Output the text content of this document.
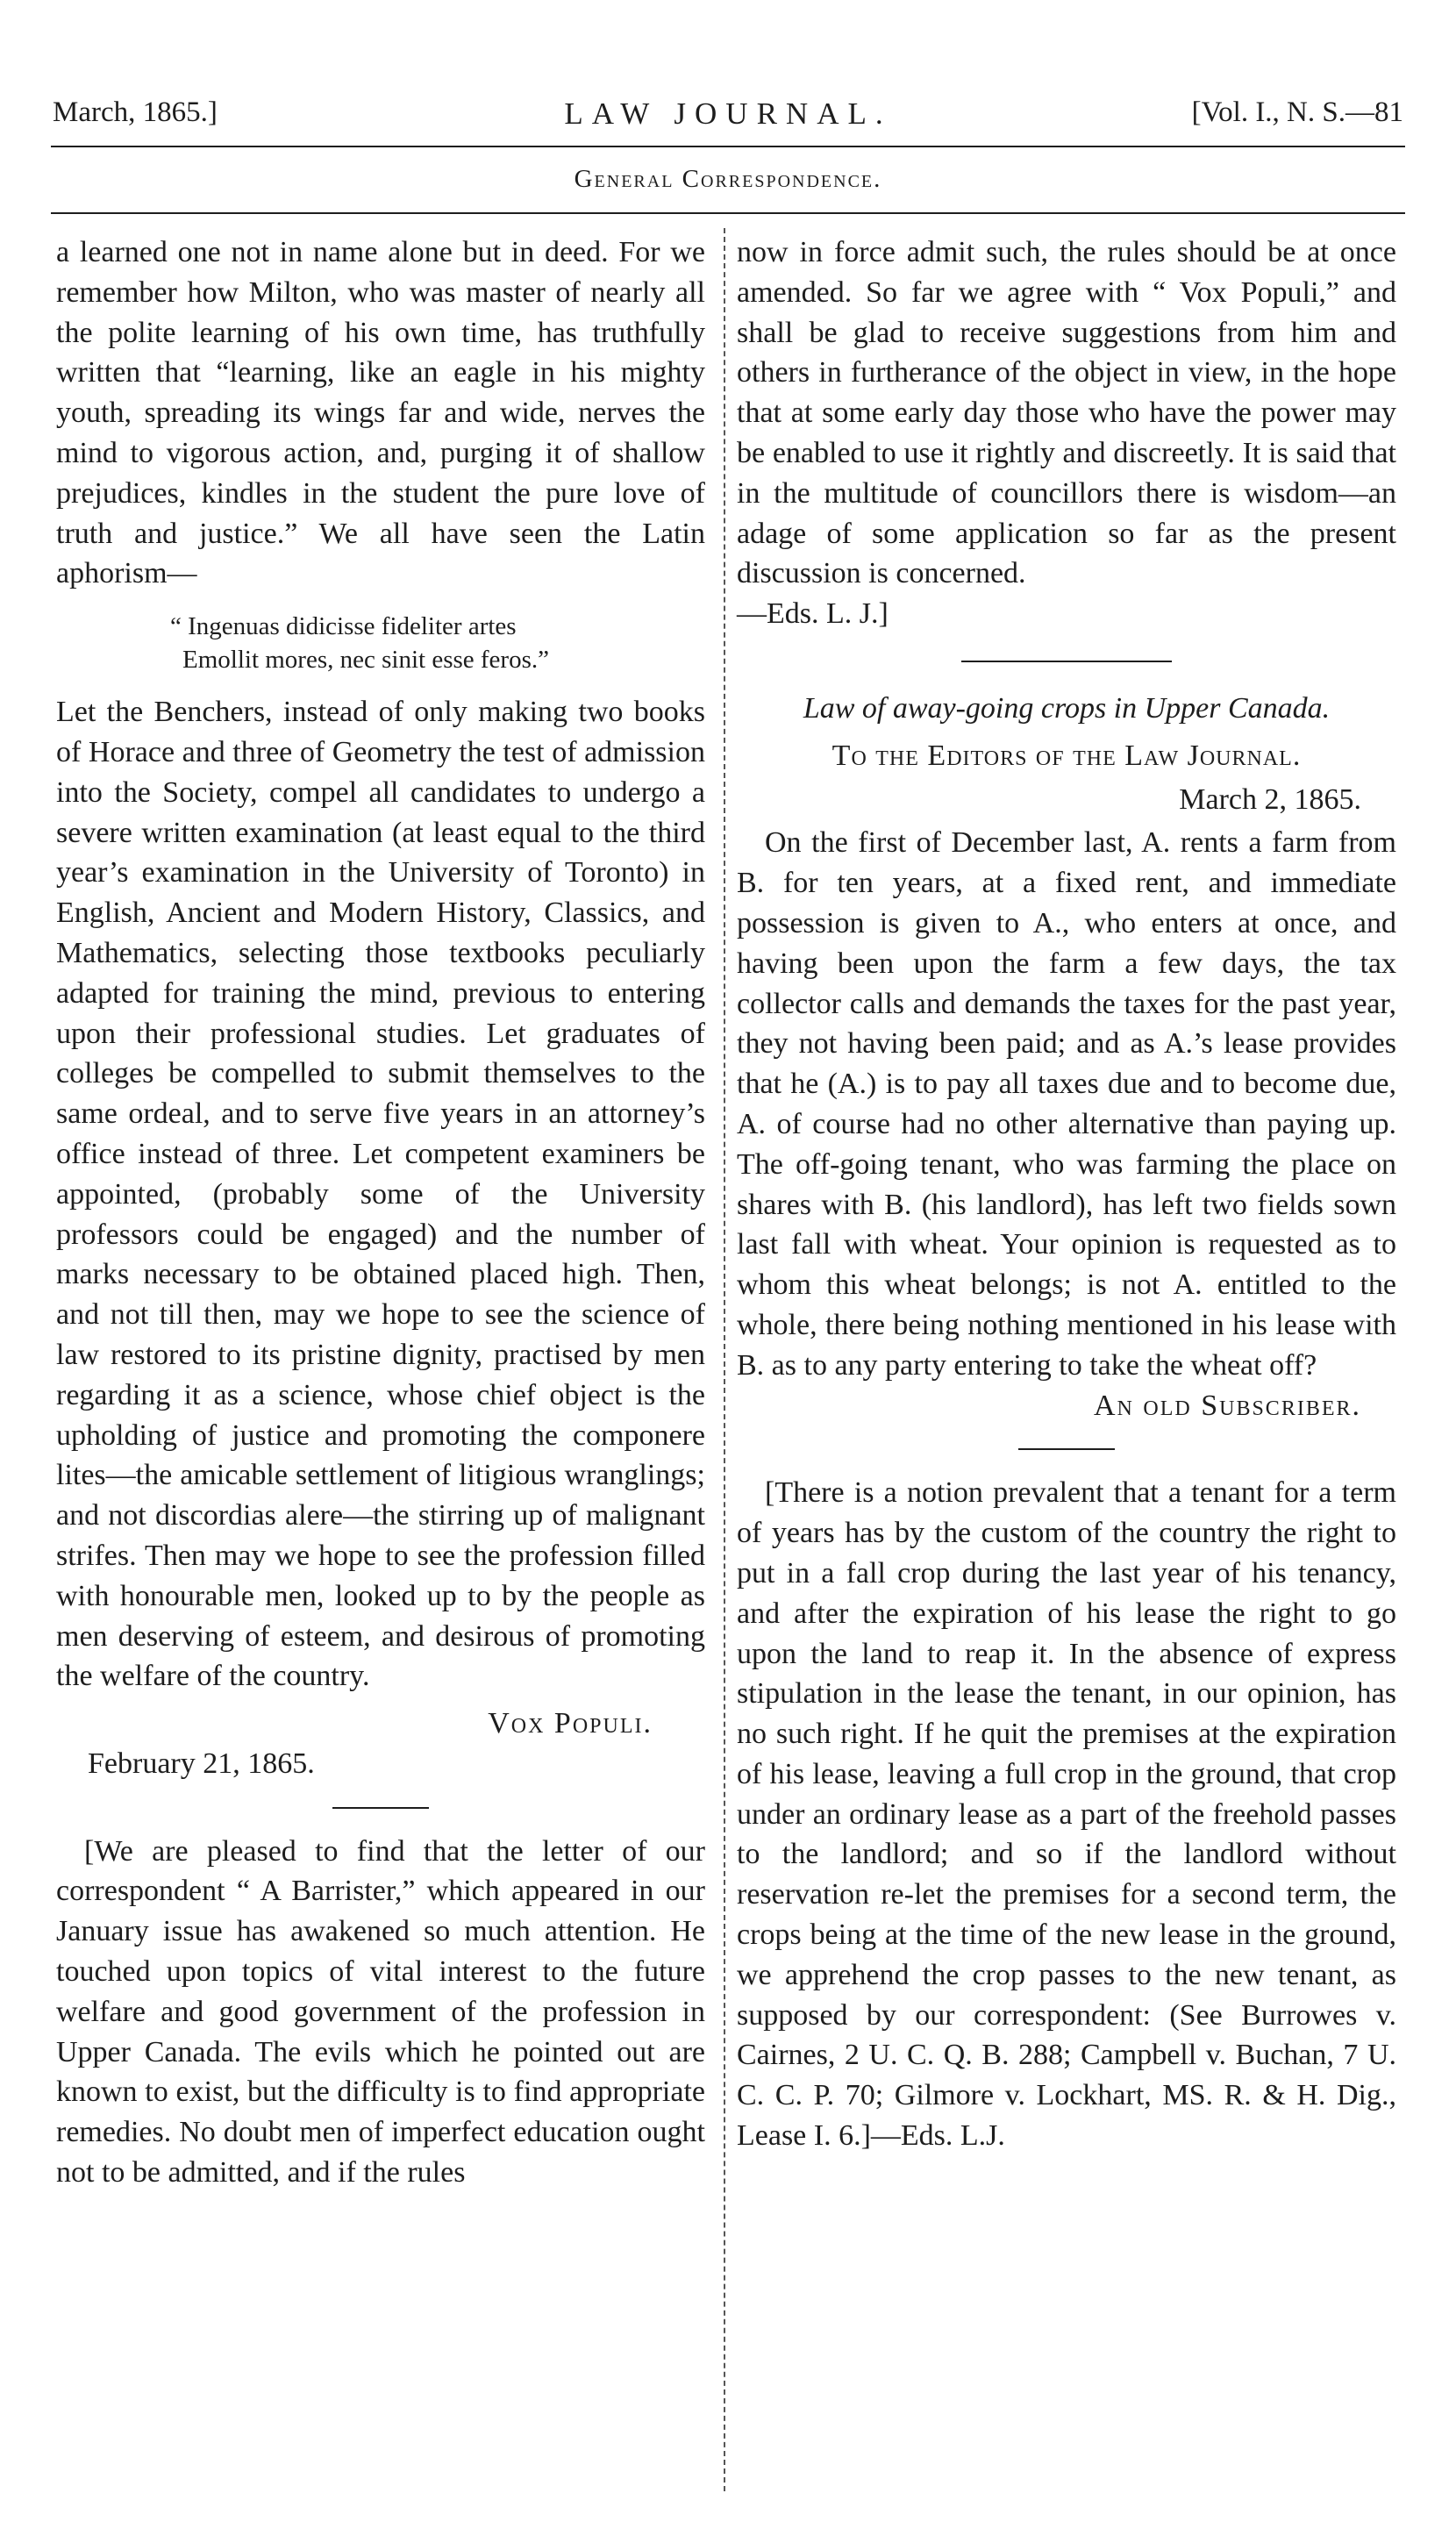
March, 1865.]	LAW JOURNAL.	[Vol. I., N. S.—81
General Correspondence.

a learned one not in name alone but in deed. For we remember how Milton, who was master of nearly all the polite learning of his own time, has truthfully written that “learning, like an eagle in his mighty youth, spreading its wings far and wide, nerves the mind to vigorous action, and, purging it of shallow prejudices, kindles in the student the pure love of truth and justice.” We all have seen the Latin aphorism—

“ Ingenuas didicisse fideliter artes
Emollit mores, nec sinit esse feros.”

Let the Benchers, instead of only making two books of Horace and three of Geometry the test of admission into the Society, compel all candidates to undergo a severe written examination (at least equal to the third year’s examination in the University of Toronto) in English, Ancient and Modern History, Classics, and Mathematics, selecting those textbooks peculiarly adapted for training the mind, previous to entering upon their professional studies. Let graduates of colleges be compelled to submit themselves to the same ordeal, and to serve five years in an attorney’s office instead of three. Let competent examiners be appointed, (probably some of the University professors could be engaged) and the number of marks necessary to be obtained placed high. Then, and not till then, may we hope to see the science of law restored to its pristine dignity, practised by men regarding it as a science, whose chief object is the upholding of justice and promoting the componere lites—the amicable settlement of litigious wranglings; and not discordias alere—the stirring up of malignant strifes. Then may we hope to see the profession filled with honourable men, looked up to by the people as men deserving of esteem, and desirous of promoting the welfare of the country.

Vox Populi.
February 21, 1865.

[We are pleased to find that the letter of our correspondent “ A Barrister,” which appeared in our January issue has awakened so much attention. He touched upon topics of vital interest to the future welfare and good government of the profession in Upper Canada. The evils which he pointed out are known to exist, but the difficulty is to find appropriate remedies. No doubt men of imperfect education ought not to be admitted, and if the rules

now in force admit such, the rules should be at once amended. So far we agree with “ Vox Populi,” and shall be glad to receive suggestions from him and others in furtherance of the object in view, in the hope that at some early day those who have the power may be enabled to use it rightly and discreetly. It is said that in the multitude of councillors there is wisdom—an adage of some application so far as the present discussion is concerned.

—Eds. L. J.]
Law of away-going crops in Upper Canada.
To the Editors of the Law Journal.
March 2, 1865.

On the first of December last, A. rents a farm from B. for ten years, at a fixed rent, and immediate possession is given to A., who enters at once, and having been upon the farm a few days, the tax collector calls and demands the taxes for the past year, they not having been paid; and as A.’s lease provides that he (A.) is to pay all taxes due and to become due, A. of course had no other alternative than paying up. The off-going tenant, who was farming the place on shares with B. (his landlord), has left two fields sown last fall with wheat. Your opinion is requested as to whom this wheat belongs; is not A. entitled to the whole, there being nothing mentioned in his lease with B. as to any party entering to take the wheat off?

An old Subscriber.

[There is a notion prevalent that a tenant for a term of years has by the custom of the country the right to put in a fall crop during the last year of his tenancy, and after the expiration of his lease the right to go upon the land to reap it. In the absence of express stipulation in the lease the tenant, in our opinion, has no such right. If he quit the premises at the expiration of his lease, leaving a full crop in the ground, that crop under an ordinary lease as a part of the freehold passes to the landlord; and so if the landlord without reservation re-let the premises for a second term, the crops being at the time of the new lease in the ground, we apprehend the crop passes to the new tenant, as supposed by our correspondent: (See Burrowes v. Cairnes, 2 U. C. Q. B. 288; Campbell v. Buchan, 7 U. C. C. P. 70; Gilmore v. Lockhart, MS. R. & H. Dig., Lease I. 6.]—Eds. L.J.
